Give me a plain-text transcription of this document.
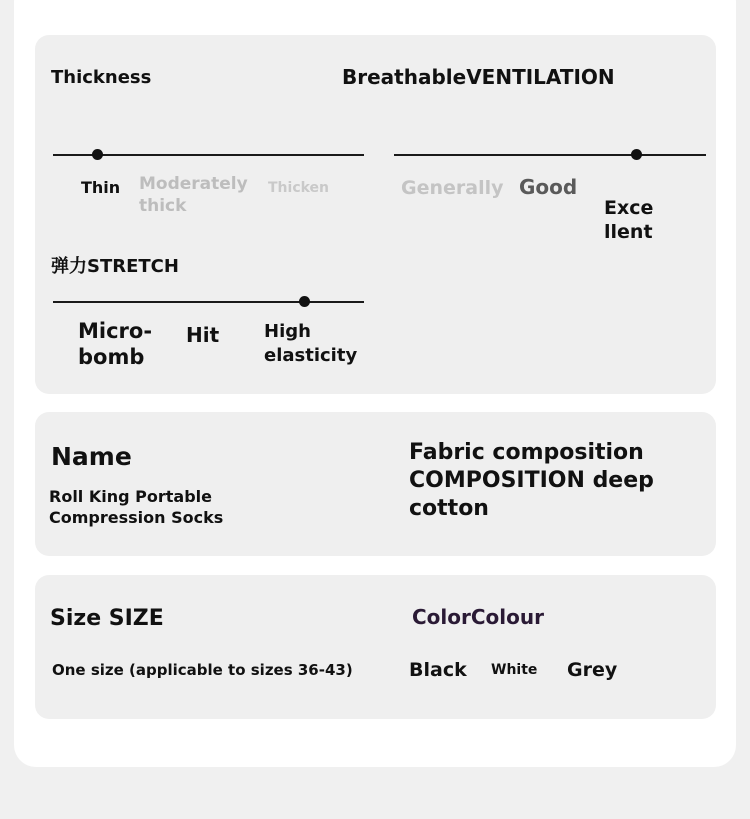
Thickness
Thin Moderately thick
Thicken
BreathableVENTILATION
Generally Good
Excellent
弹力STRETCH
Micro-bomb
Hit High elasticity
Name
Roll King Portable Compression Socks
Fabric composition COMPOSITION deep cotton
Size SIZE
One size (applicable to sizes 36-43)
ColorColour
Black White Grey
